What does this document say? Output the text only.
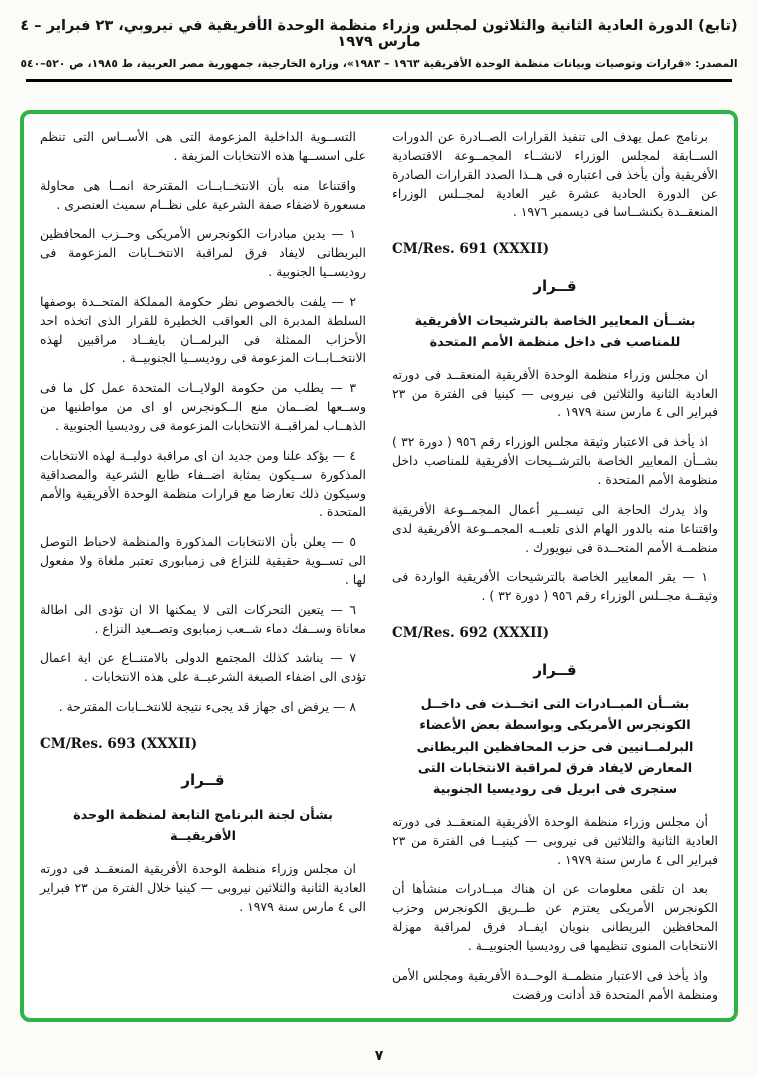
(تابع) الدورة العادية الثانية والثلاثون لمجلس وزراء منظمة الوحدة الأفريقية في نيروبي، ٢٣ فبراير – ٤ مارس ١٩٧٩
المصدر: «قرارات وتوصيات وبيانات منظمة الوحدة الأفريقية ١٩٦٣ – ١٩٨٣»، وزارة الخارجية، جمهورية مصر العربية، ط ١٩٨٥، ص ٥٢٠–٥٤٠
برنامج عمل يهدف الى تنفيذ القرارات الصــادرة عن الدورات الســابقة لمجلس الوزراء لانشــاء المجمــوعة الاقتصادية الأفريقية وأن يأخذ فى اعتباره فى هــذا الصدد القرارات الصادرة عن الدورة الحادية عشرة غير العادية لمجــلس الوزراء المنعقــدة بكنشــاسا فى ديسمبر ١٩٧٦ .
CM/Res. 691 (XXXII)
قــرار
بشــأن المعايير الخاصة بالترشيحات الأفريقية للمناصب فى داخل منظمة الأمم المتحدة
ان مجلس وزراء منظمة الوحدة الأفريقية المنعقــد فى دورته العادية الثانية والثلاثين فى نيروبى — كينيا فى الفترة من ٢٣ فبراير الى ٤ مارس سنة ١٩٧٩ .
اذ يأخذ فى الاعتبار وثيقة مجلس الوزراء رقم ٩٥٦ ( دورة ٣٢ ) بشــأن المعايير الخاصة بالترشــيحات الأفريقية للمناصب داخل منظومة الأمم المتحدة .
واذ يدرك الحاجة الى تيســير أعمال المجمــوعة الأفريقية واقتناعا منه بالدور الهام الذى تلعبــه المجمــوعة الأفريقية لدى منظمــة الأمم المتحــدة فى نيويورك .
١ — يقر المعايير الخاصة بالترشيحات الأفريقية الواردة فى وثيقــة مجــلس الوزراء رقم ٩٥٦ ( دورة ٣٢ ) .
CM/Res. 692 (XXXII)
قــرار
بشــأن المبــادرات التى اتخــذت فى داخــل الكونجرس الأمريكى وبواسطة بعض الأعضاء البرلمــانيين فى حزب المحافظين البريطانى المعارض لايفاد فرق لمراقبة الانتخابات التى ستجرى فى ابريل فى روديسيا الجنوبية
أن مجلس وزراء منظمة الوحدة الأفريقية المنعقــد فى دورته العادية الثانية والثلاثين فى نيروبى — كينيــا فى الفترة من ٢٣ فبراير الى ٤ مارس سنة ١٩٧٩ .
بعد ان تلقى معلومات عن ان هناك مبــادرات منشأها أن الكونجرس الأمريكى يعتزم عن طــريق الكونجرس وحزب المحافظين البريطانى بنويان ايفــاد فرق لمراقبة مهزلة الانتخابات المنوى تنظيمها فى روديسيا الجنوبيــة .
واذ يأخذ فى الاعتبار منظمــة الوحــدة الأفريقية ومجلس الأمن ومنظمة الأمم المتحدة قد أدانت ورفضت
التســوية الداخلية المزعومة التى هى الأســاس التى تنظم على اسســها هذه الانتخابات المزيفة .
واقتناعا منه بأن الانتخــابــات المقترحة انمــا هى محاولة مسعورة لاضفاء صفة الشرعية على نظــام سميث العنصرى .
١ — يدين مبادرات الكونجرس الأمريكى وحــزب المحافظين البريطانى لايفاد فرق لمراقبة الانتخــابات المزعومة فى روديســيا الجنوبية .
٢ — يلفت بالخصوص نظر حكومة المملكة المتحــدة بوصفها السلطة المدبرة الى العواقب الخطيرة للقرار الذى اتخذه احد الأحزاب الممثلة فى البرلمــان بايفــاد مراقبين لهذه الانتخــابــات المزعومة فى روديســيا الجنوبيــة .
٣ — يطلب من حكومة الولايــات المتحدة عمل كل ما فى وســعها لضــمان منع الــكونجرس او اى من مواطنيها من الذهــاب لمراقبــة الانتخابات المزعومة فى روديسيا الجنوبية .
٤ — يؤكد علنا ومن جديد ان اى مراقبة دوليــة لهذه الانتخابات المذكورة ســيكون بمثابة اضــفاء طابع الشرعية والمصداقية وسيكون ذلك تعارضا مع قرارات منظمة الوحدة الأفريقية والأمم المتحدة .
٥ — يعلن بأن الانتخابات المذكورة والمنظمة لاحباط التوصل الى تســوية حقيقية للنزاع فى زمبابورى تعتبر ملغاة ولا مفعول لها .
٦ — يتعين التحركات التى لا يمكنها الا ان تؤدى الى اطالة معاناة وســفك دماء شــعب زمبابوى وتصــعيد النزاع .
٧ — يناشد كذلك المجتمع الدولى بالامتنــاع عن اية اعمال تؤدى الى اضفاء الصبغة الشرعيــة على هذه الانتخابات .
٨ — يرفض اى جهاز قد يجىء نتيجة للانتخــابات المقترحة .
CM/Res. 693 (XXXII)
قــرار
بشأن لجنة البرنامج التابعة لمنظمة الوحدة الأفريقيــة
ان مجلس وزراء منظمة الوحدة الأفريقية المنعقــد فى دورته العادية الثانية والثلاثين نيروبى — كينيا خلال الفترة من ٢٣ فبراير الى ٤ مارس سنة ١٩٧٩ .
٧
